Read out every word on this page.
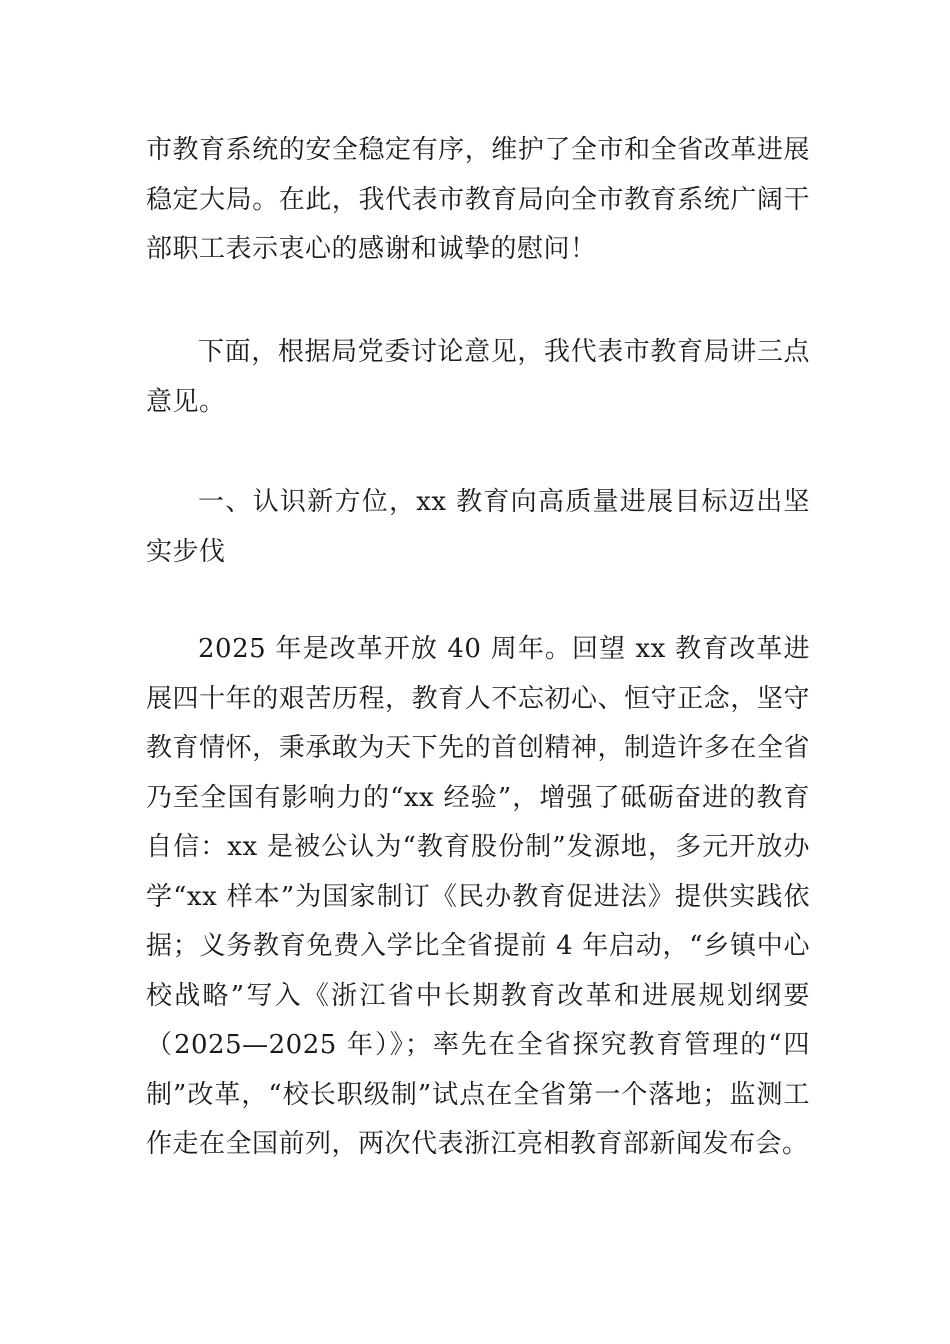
市教育系统的安全稳定有序，维护了全市和全省改革进展稳定大局。在此，我代表市教育局向全市教育系统广阔干部职工表示衷心的感谢和诚挚的慰问！

下面，根据局党委讨论意见，我代表市教育局讲三点意见。

一、认识新方位，xx 教育向高质量进展目标迈出坚实步伐

2025 年是改革开放 40 周年。回望 xx 教育改革进展四十年的艰苦历程，教育人不忘初心、恒守正念，坚守教育情怀，秉承敢为天下先的首创精神，制造许多在全省乃至全国有影响力的“xx 经验”，增强了砥砺奋进的教育自信：xx 是被公认为“教育股份制”发源地，多元开放办学“xx 样本”为国家制订《民办教育促进法》提供实践依据；义务教育免费入学比全省提前 4 年启动，“乡镇中心校战略”写入《浙江省中长期教育改革和进展规划纲要（2025—2025 年）》；率先在全省探究教育管理的“四制”改革，“校长职级制”试点在全省第一个落地；监测工作走在全国前列，两次代表浙江亮相教育部新闻发布会。
